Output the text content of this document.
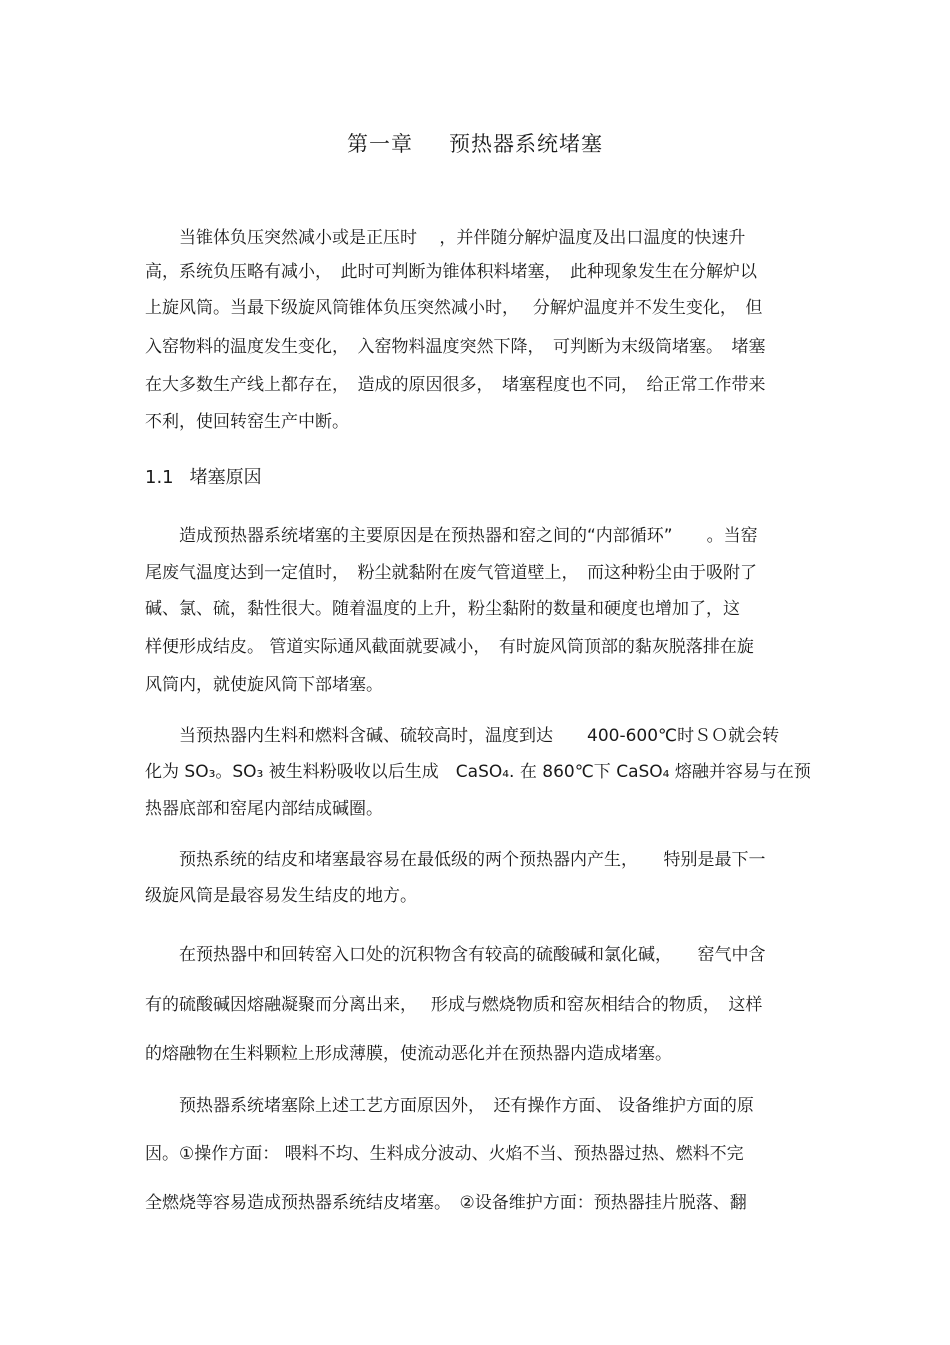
第一章 预热器系统堵塞
当锥体负压突然减小或是正压时　 ，并伴随分解炉温度及出口温度的快速升
高，系统负压略有减小，　此时可判断为锥体积料堵塞，　此种现象发生在分解炉以
上旋风筒。当最下级旋风筒锥体负压突然减小时，　 分解炉温度并不发生变化，　但
入窑物料的温度发生变化，　入窑物料温度突然下降，　可判断为末级筒堵塞。　堵塞
在大多数生产线上都存在，　造成的原因很多，　堵塞程度也不同，　给正常工作带来
不利，使回转窑生产中断。
1.1 堵塞原因
造成预热器系统堵塞的主要原因是在预热器和窑之间的“内部循环”　　。当窑
尾废气温度达到一定值时，　粉尘就黏附在废气管道壁上，　而这种粉尘由于吸附了
碱、氯、硫，黏性很大。随着温度的上升，粉尘黏附的数量和硬度也增加了，这
样便形成结皮。 管道实际通风截面就要减小，　有时旋风筒顶部的黏灰脱落排在旋
风筒内，就使旋风筒下部堵塞。
当预热器内生料和燃料含碱、硫较高时，温度到达　　400-600℃时ＳＯ就会转
化为 SO₃。SO₃ 被生料粉吸收以后生成　CaSO₄. 在 860℃下 CaSO₄ 熔融并容易与在预
热器底部和窑尾内部结成碱圈。
预热系统的结皮和堵塞最容易在最低级的两个预热器内产生，　　特别是最下一
级旋风筒是最容易发生结皮的地方。
在预热器中和回转窑入口处的沉积物含有较高的硫酸碱和氯化碱，　　窑气中含
有的硫酸碱因熔融凝聚而分离出来，　 形成与燃烧物质和窑灰相结合的物质，　这样
的熔融物在生料颗粒上形成薄膜，使流动恶化并在预热器内造成堵塞。
预热器系统堵塞除上述工艺方面原因外，　还有操作方面、 设备维护方面的原
因。①操作方面： 喂料不均、生料成分波动、火焰不当、预热器过热、燃料不完
全燃烧等容易造成预热器系统结皮堵塞。　②设备维护方面：预热器挂片脱落、翻
